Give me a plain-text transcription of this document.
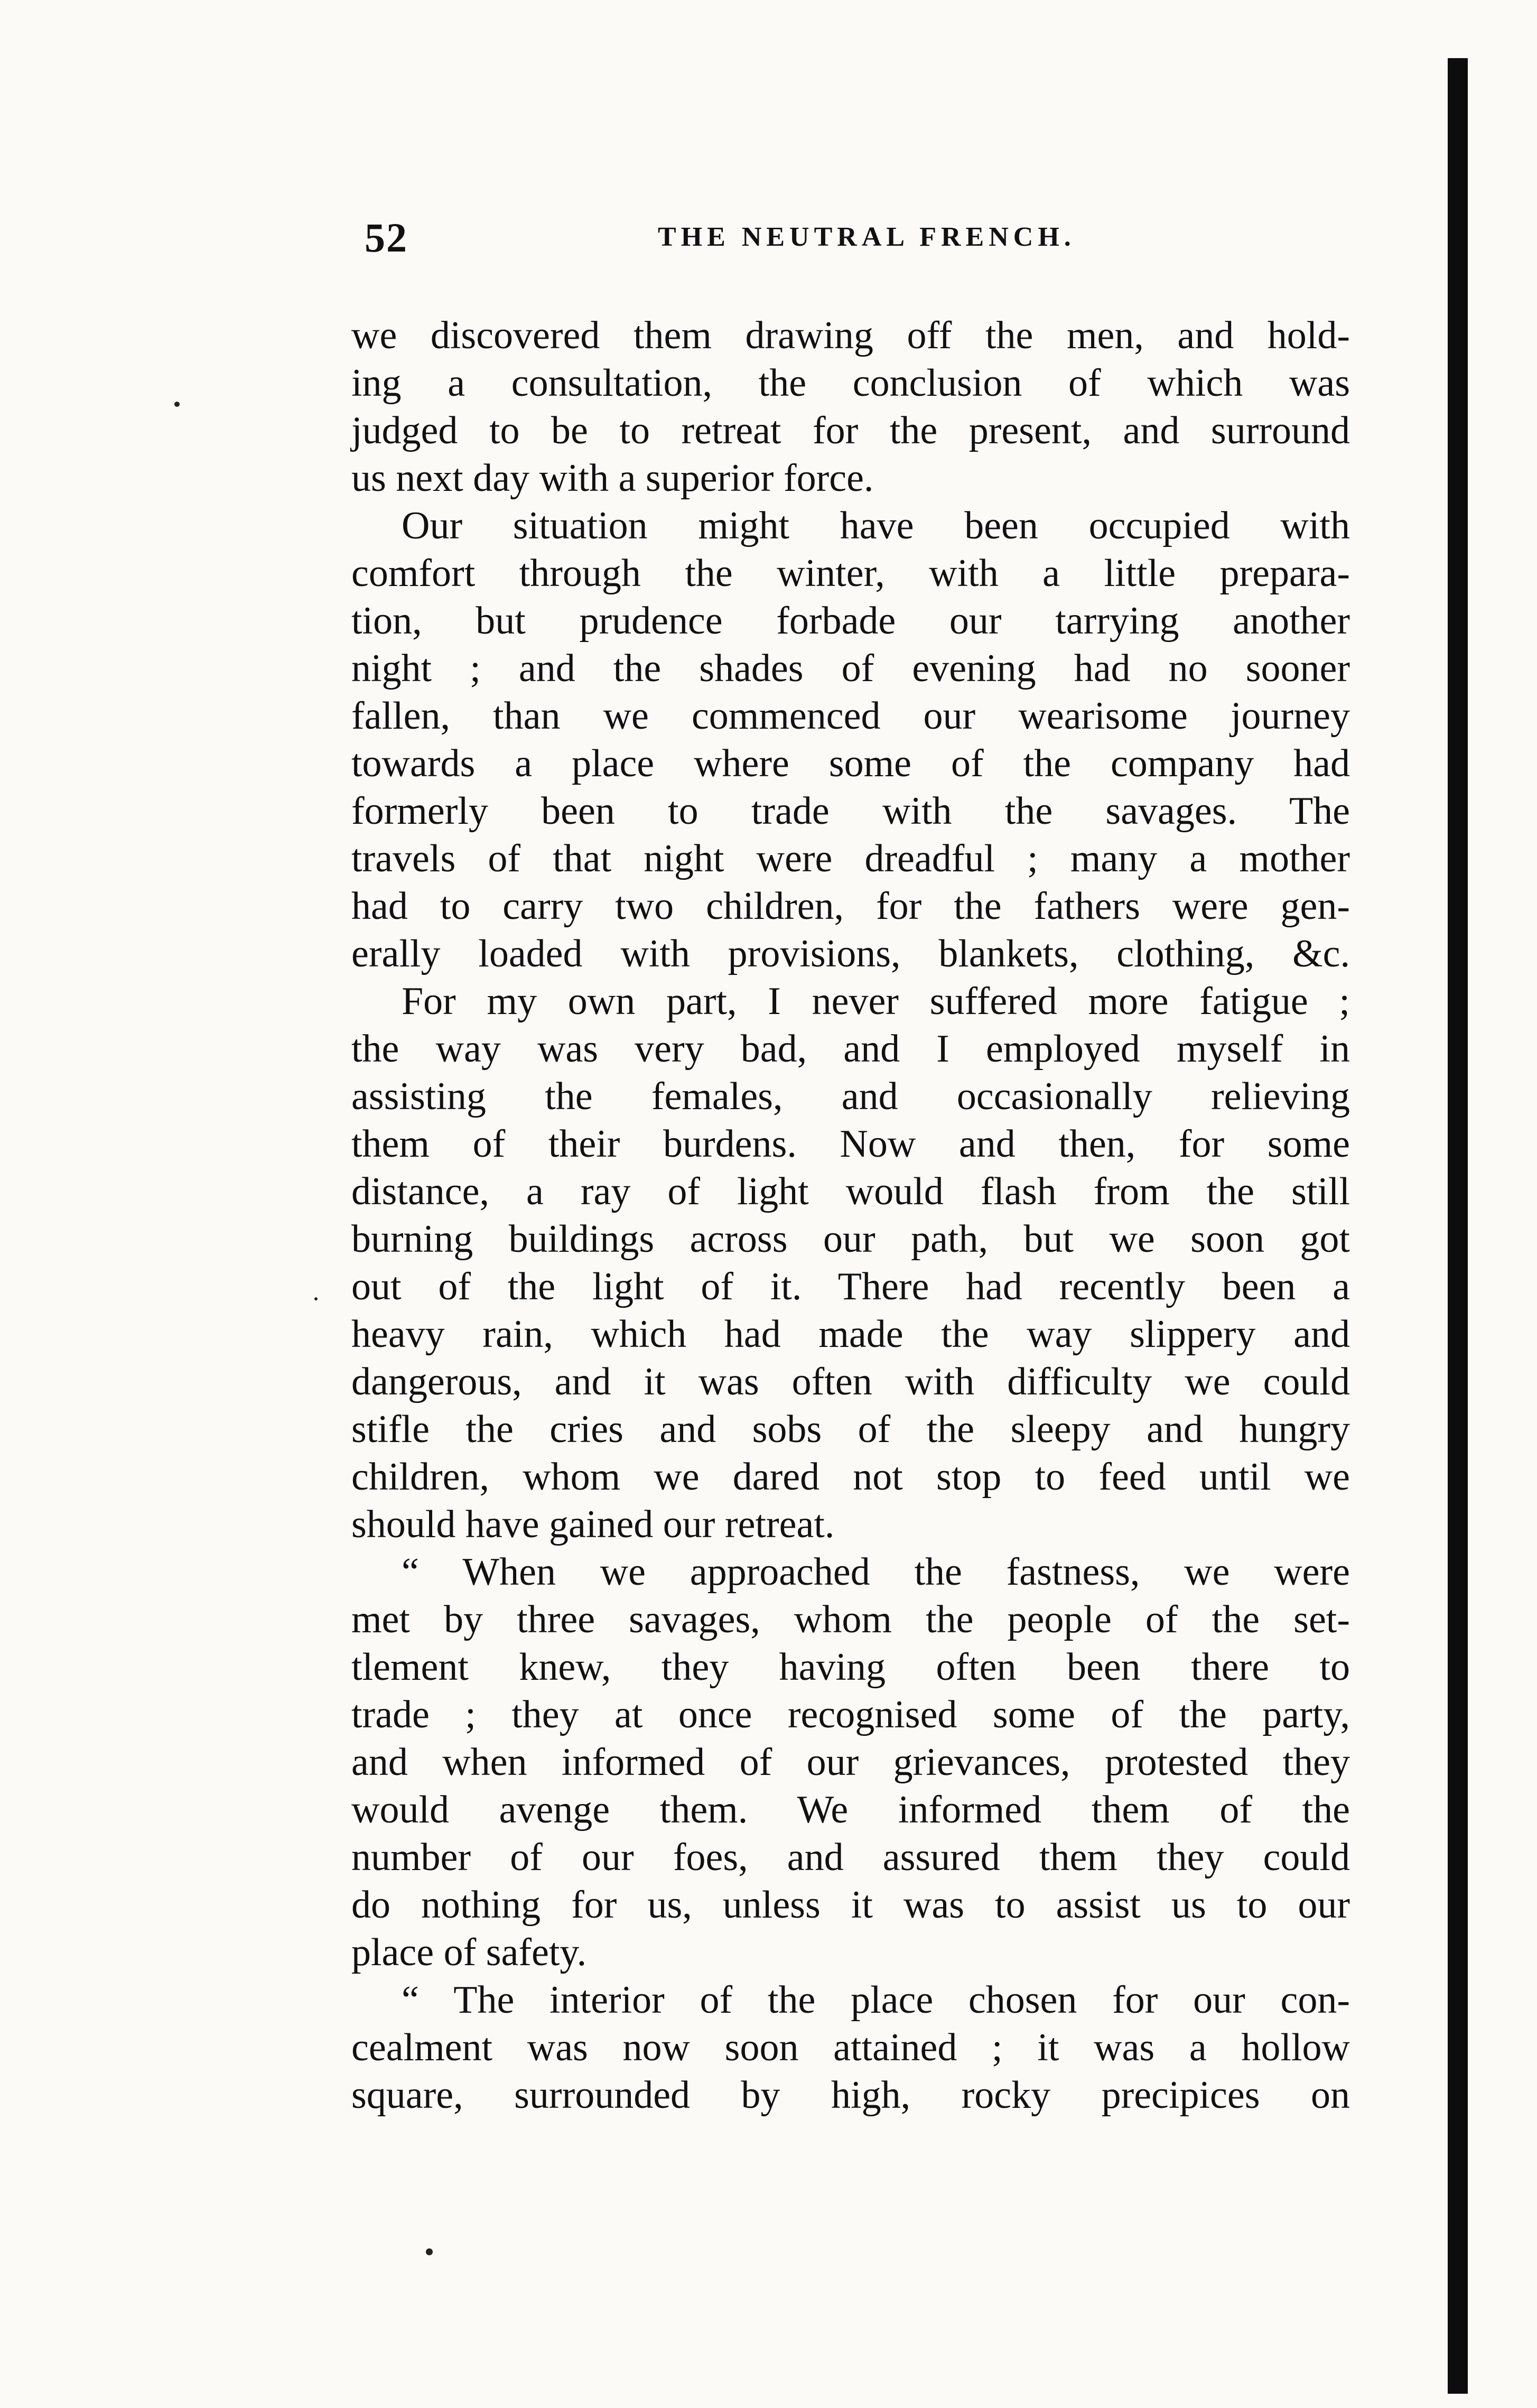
52	THE NEUTRAL FRENCH.
we discovered them drawing off the men, and hold-
ing a consultation, the conclusion of which was
judged to be to retreat for the present, and surround
us next day with a superior force.
Our situation might have been occupied with
comfort through the winter, with a little prepara-
tion, but prudence forbade our tarrying another
night ; and the shades of evening had no sooner
fallen, than we commenced our wearisome journey
towards a place where some of the company had
formerly been to trade with the savages. The
travels of that night were dreadful ; many a mother
had to carry two children, for the fathers were gen-
erally loaded with provisions, blankets, clothing, &c.
For my own part, I never suffered more fatigue ;
the way was very bad, and I employed myself in
assisting the females, and occasionally relieving
them of their burdens. Now and then, for some
distance, a ray of light would flash from the still
burning buildings across our path, but we soon got
out of the light of it. There had recently been a
heavy rain, which had made the way slippery and
dangerous, and it was often with difficulty we could
stifle the cries and sobs of the sleepy and hungry
children, whom we dared not stop to feed until we
should have gained our retreat.
“ When we approached the fastness, we were
met by three savages, whom the people of the set-
tlement knew, they having often been there to
trade ; they at once recognised some of the party,
and when informed of our grievances, protested they
would avenge them. We informed them of the
number of our foes, and assured them they could
do nothing for us, unless it was to assist us to our
place of safety.
“ The interior of the place chosen for our con-
cealment was now soon attained ; it was a hollow
square, surrounded by high, rocky precipices on
